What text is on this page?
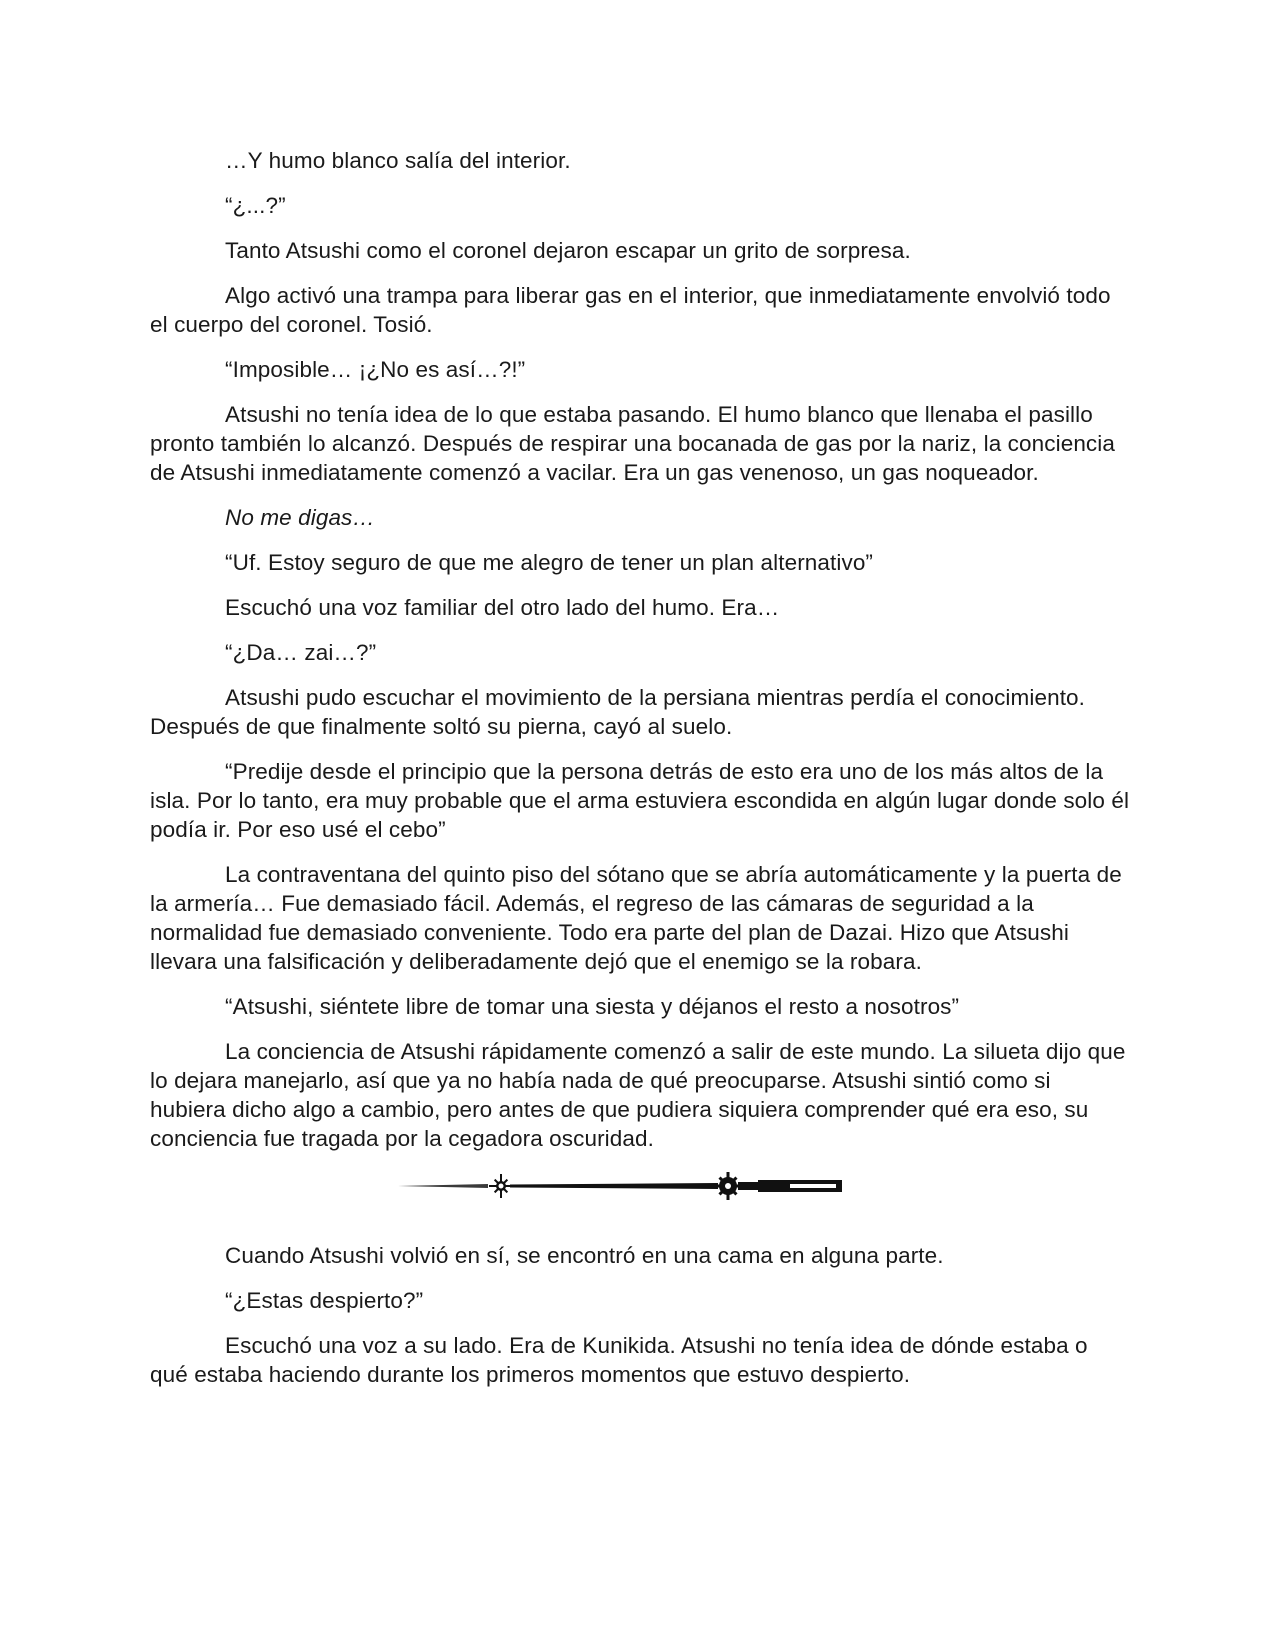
…Y humo blanco salía del interior.

“¿...?”

Tanto Atsushi como el coronel dejaron escapar un grito de sorpresa.

Algo activó una trampa para liberar gas en el interior, que inmediatamente envolvió todo el cuerpo del coronel. Tosió.

“Imposible… ¡¿No es así…?!”

Atsushi no tenía idea de lo que estaba pasando. El humo blanco que llenaba el pasillo pronto también lo alcanzó. Después de respirar una bocanada de gas por la nariz, la conciencia de Atsushi inmediatamente comenzó a vacilar. Era un gas venenoso, un gas noqueador.

No me digas…

“Uf. Estoy seguro de que me alegro de tener un plan alternativo”

Escuchó una voz familiar del otro lado del humo. Era…

“¿Da… zai…?”

Atsushi pudo escuchar el movimiento de la persiana mientras perdía el conocimiento. Después de que finalmente soltó su pierna, cayó al suelo.

“Predije desde el principio que la persona detrás de esto era uno de los más altos de la isla. Por lo tanto, era muy probable que el arma estuviera escondida en algún lugar donde solo él podía ir. Por eso usé el cebo”

La contraventana del quinto piso del sótano que se abría automáticamente y la puerta de la armería… Fue demasiado fácil. Además, el regreso de las cámaras de seguridad a la normalidad fue demasiado conveniente. Todo era parte del plan de Dazai. Hizo que Atsushi llevara una falsificación y deliberadamente dejó que el enemigo se la robara.

“Atsushi, siéntete libre de tomar una siesta y déjanos el resto a nosotros”

La conciencia de Atsushi rápidamente comenzó a salir de este mundo. La silueta dijo que lo dejara manejarlo, así que ya no había nada de qué preocuparse. Atsushi sintió como si hubiera dicho algo a cambio, pero antes de que pudiera siquiera comprender qué era eso, su conciencia fue tragada por la cegadora oscuridad.

Cuando Atsushi volvió en sí, se encontró en una cama en alguna parte.

“¿Estas despierto?”

Escuchó una voz a su lado. Era de Kunikida. Atsushi no tenía idea de dónde estaba o qué estaba haciendo durante los primeros momentos que estuvo despierto.
